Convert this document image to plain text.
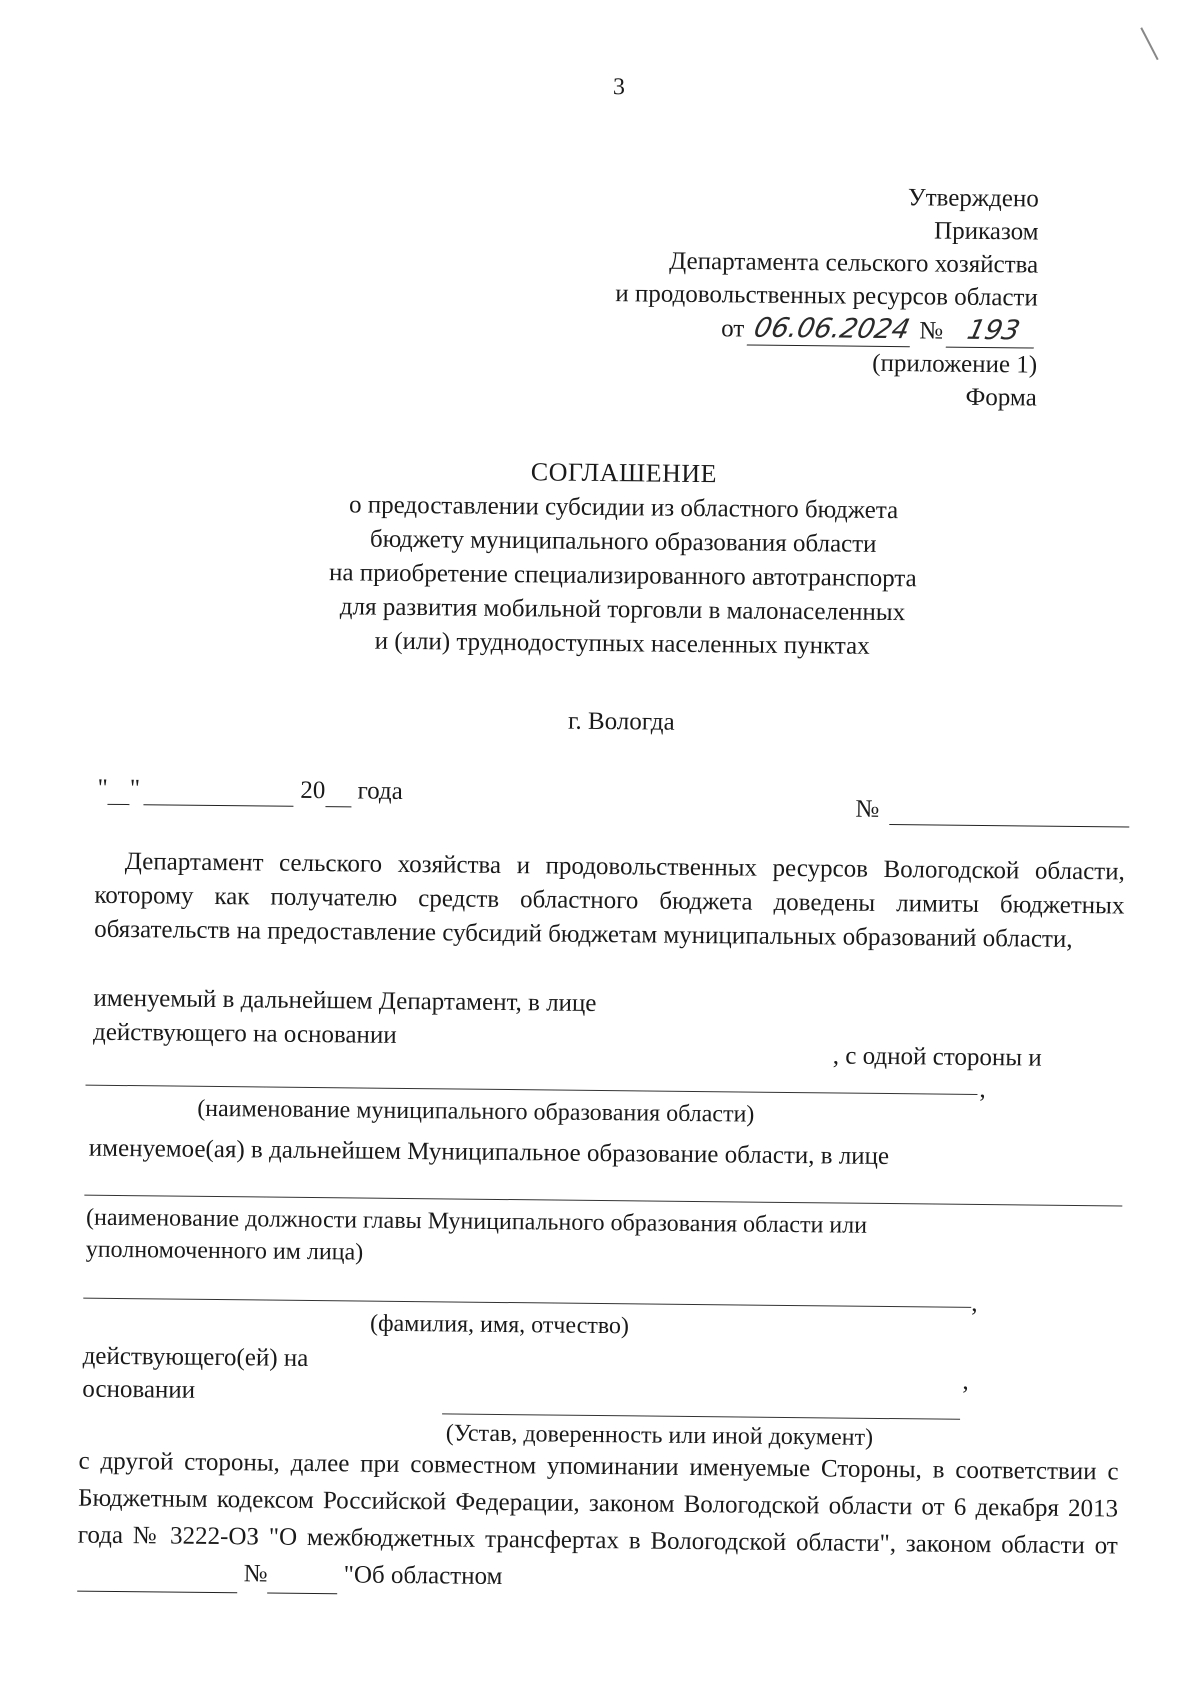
3
Утверждено
Приказом
Департамента сельского хозяйства
и продовольственных ресурсов области
от 06.06.2024 № 193
(приложение 1)
Форма
СОГЛАШЕНИЕ
о предоставлении субсидии из областного бюджета
бюджету муниципального образования области
на приобретение специализированного автотранспорта
для развития мобильной торговли в малонаселенных
и (или) труднодоступных населенных пунктах
г. Вологда
" "	20 года
№
Департамент сельского хозяйства и продовольственных ресурсов Вологодской области, которому как получателю средств областного бюджета доведены лимиты бюджетных обязательств на предоставление субсидий бюджетам муниципальных образований области,
именуемый в дальнейшем Департамент, в лице
действующего на основании
, с одной стороны и
,
(наименование муниципального образования области)
именуемое(ая) в дальнейшем Муниципальное образование области, в лице
(наименование должности главы Муниципального образования области или
уполномоченного им лица)
,
(фамилия, имя, отчество)
действующего(ей) на
основании	,
(Устав, доверенность или иной документ)
с другой стороны, далее при совместном упоминании именуемые Стороны, в соответствии с Бюджетным кодексом Российской Федерации, законом Вологодской области от 6 декабря 2013 года № 3222-ОЗ "О межбюджетных трансфертах в Вологодской области", законом области от   №	"Об областном
